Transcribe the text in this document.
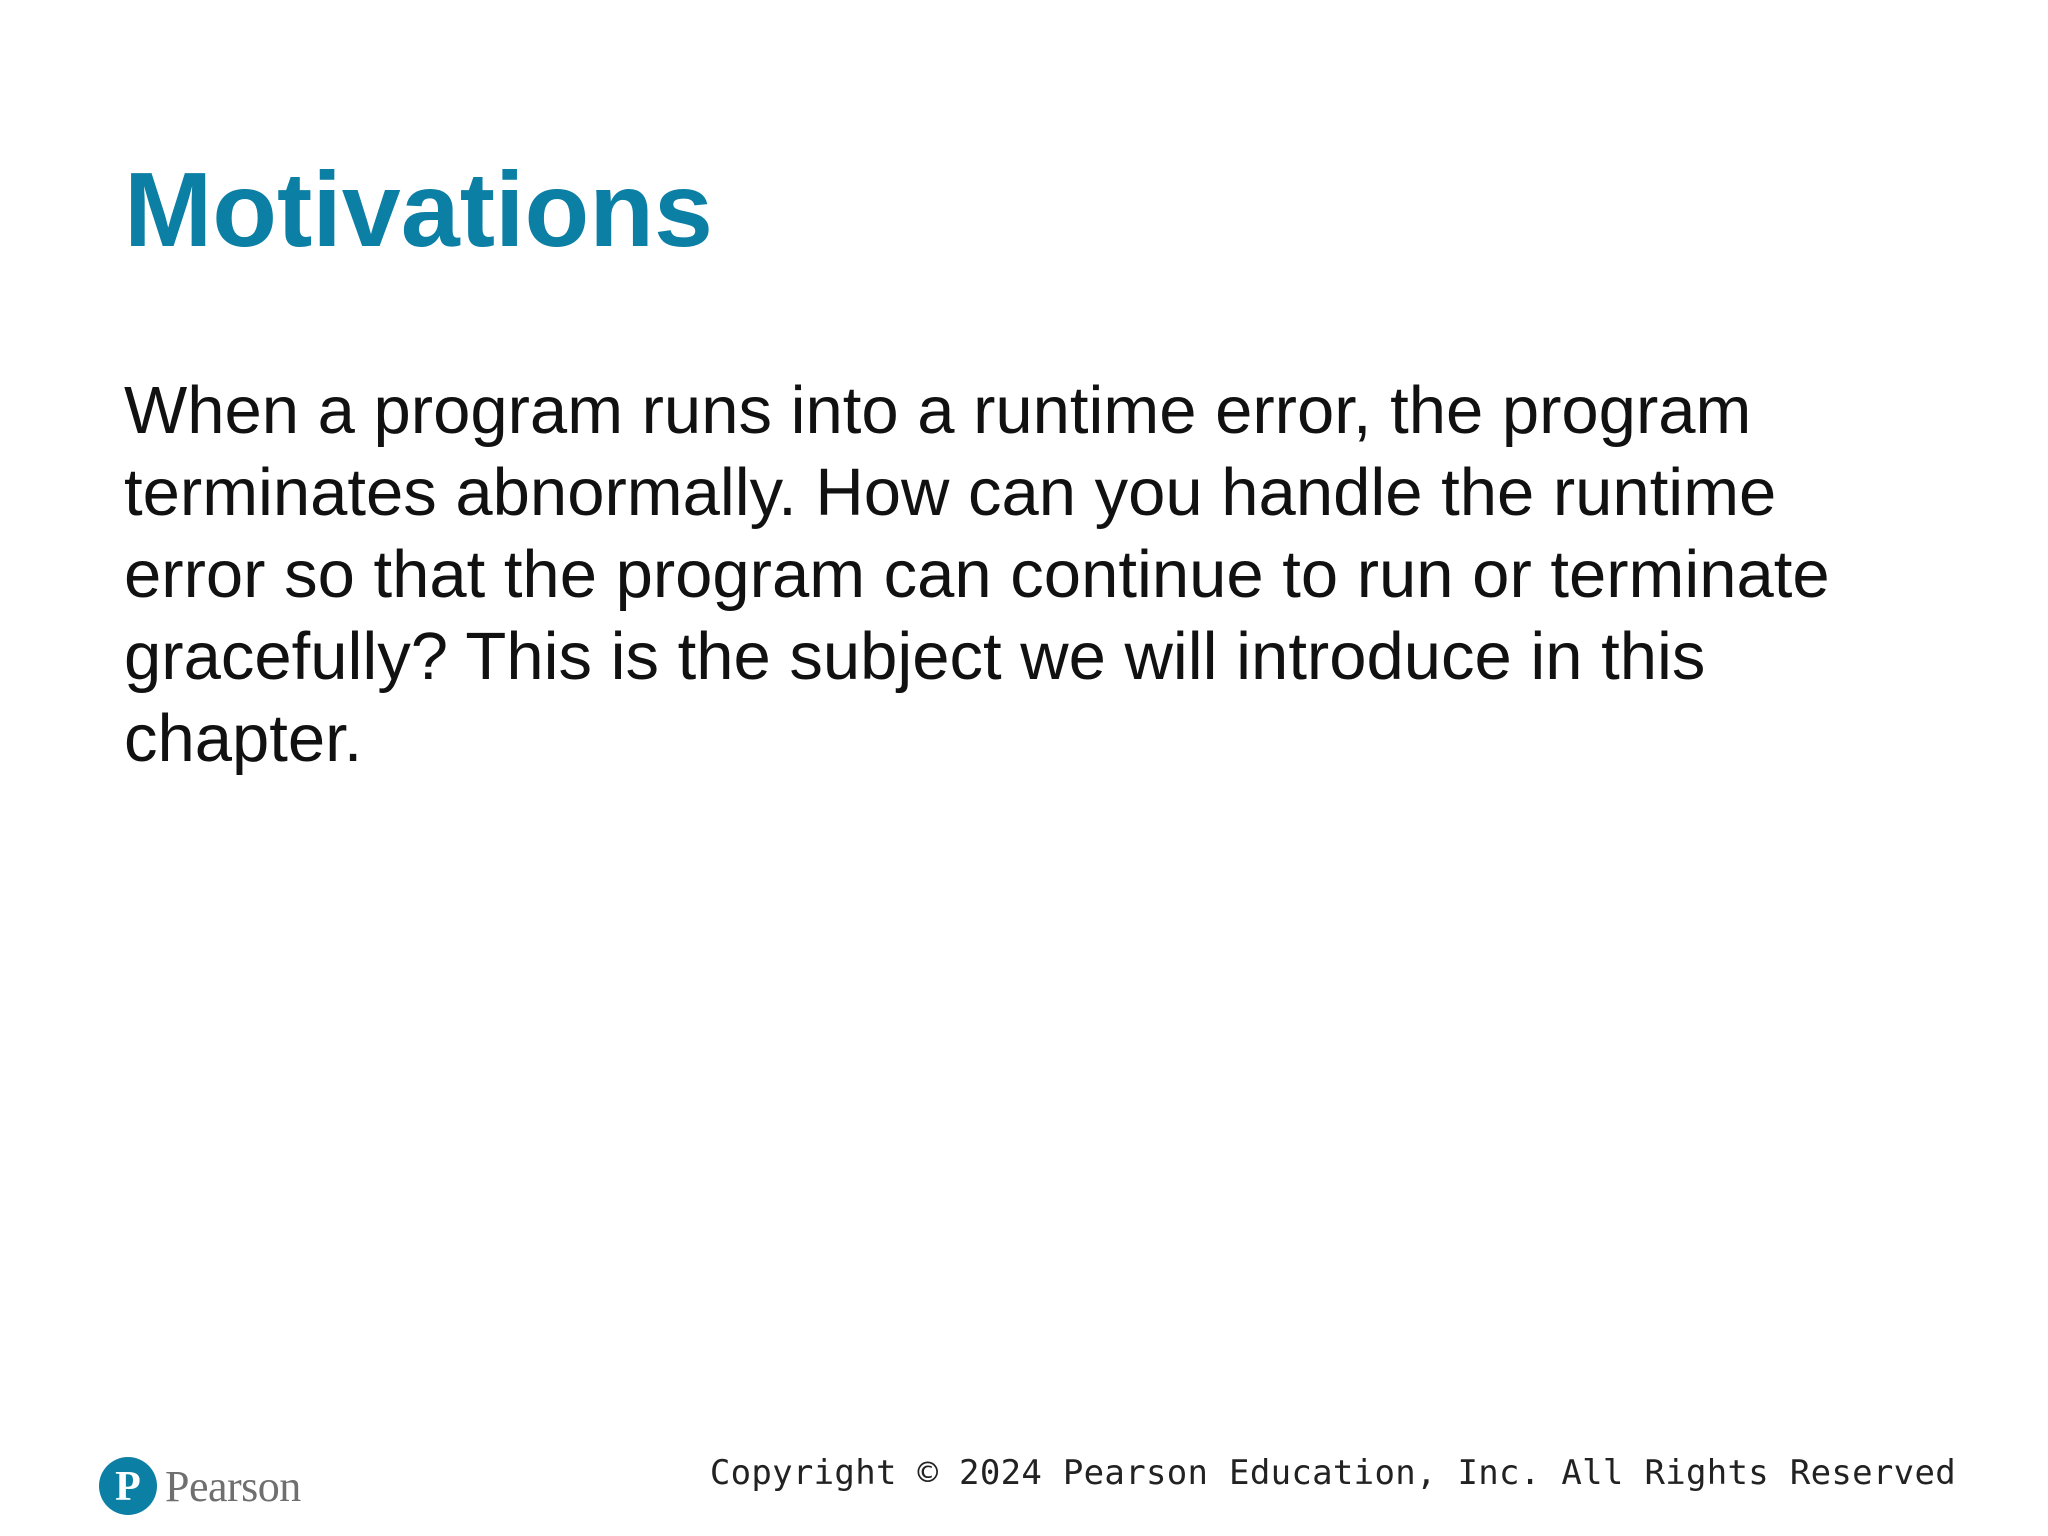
Motivations
When a program runs into a runtime error, the program
terminates abnormally. How can you handle the runtime
error so that the program can continue to run or terminate
gracefully? This is the subject we will introduce in this
chapter.
P Pearson	Copyright © 2024 Pearson Education, Inc. All Rights Reserved
